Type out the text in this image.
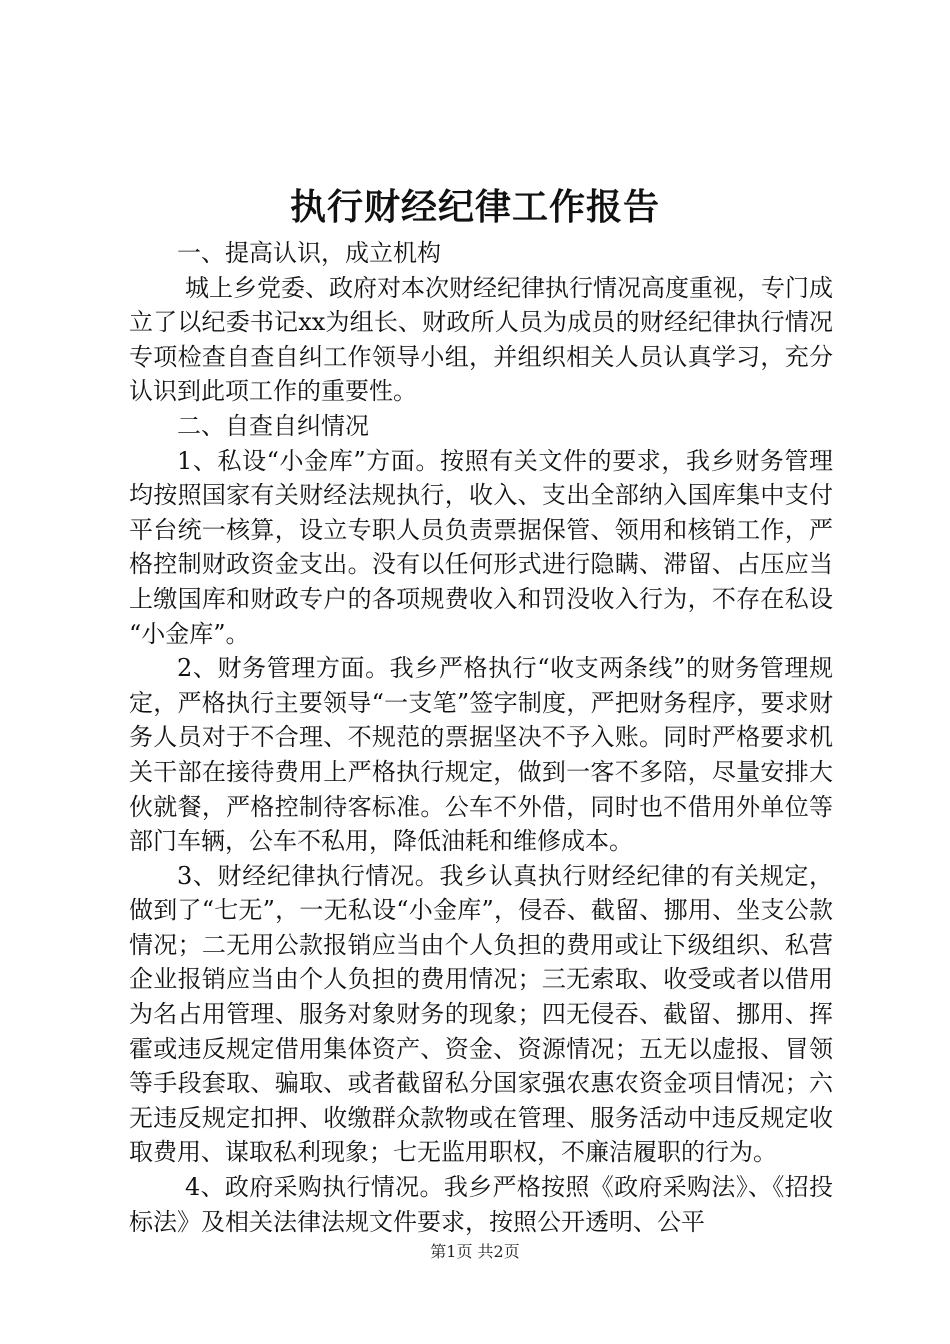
执行财经纪律工作报告

一、提高认识，成立机构

城上乡党委、政府对本次财经纪律执行情况高度重视，专门成立了以纪委书记xx为组长、财政所人员为成员的财经纪律执行情况专项检查自查自纠工作领导小组，并组织相关人员认真学习，充分认识到此项工作的重要性。

二、自查自纠情况

1、私设“小金库”方面。按照有关文件的要求，我乡财务管理均按照国家有关财经法规执行，收入、支出全部纳入国库集中支付平台统一核算，设立专职人员负责票据保管、领用和核销工作，严格控制财政资金支出。没有以任何形式进行隐瞒、滞留、占压应当上缴国库和财政专户的各项规费收入和罚没收入行为，不存在私设“小金库”。

2、财务管理方面。我乡严格执行“收支两条线”的财务管理规定，严格执行主要领导“一支笔”签字制度，严把财务程序，要求财务人员对于不合理、不规范的票据坚决不予入账。同时严格要求机关干部在接待费用上严格执行规定，做到一客不多陪，尽量安排大伙就餐，严格控制待客标准。公车不外借，同时也不借用外单位等部门车辆，公车不私用，降低油耗和维修成本。

3、财经纪律执行情况。我乡认真执行财经纪律的有关规定，做到了“七无”，一无私设“小金库”，侵吞、截留、挪用、坐支公款情况；二无用公款报销应当由个人负担的费用或让下级组织、私营企业报销应当由个人负担的费用情况；三无索取、收受或者以借用为名占用管理、服务对象财务的现象；四无侵吞、截留、挪用、挥霍或违反规定借用集体资产、资金、资源情况；五无以虚报、冒领等手段套取、骗取、或者截留私分国家强农惠农资金项目情况；六无违反规定扣押、收缴群众款物或在管理、服务活动中违反规定收取费用、谋取私利现象；七无监用职权，不廉洁履职的行为。

4、政府采购执行情况。我乡严格按照《政府采购法》、《招投标法》及相关法律法规文件要求，按照公开透明、公平

第1页 共2页
